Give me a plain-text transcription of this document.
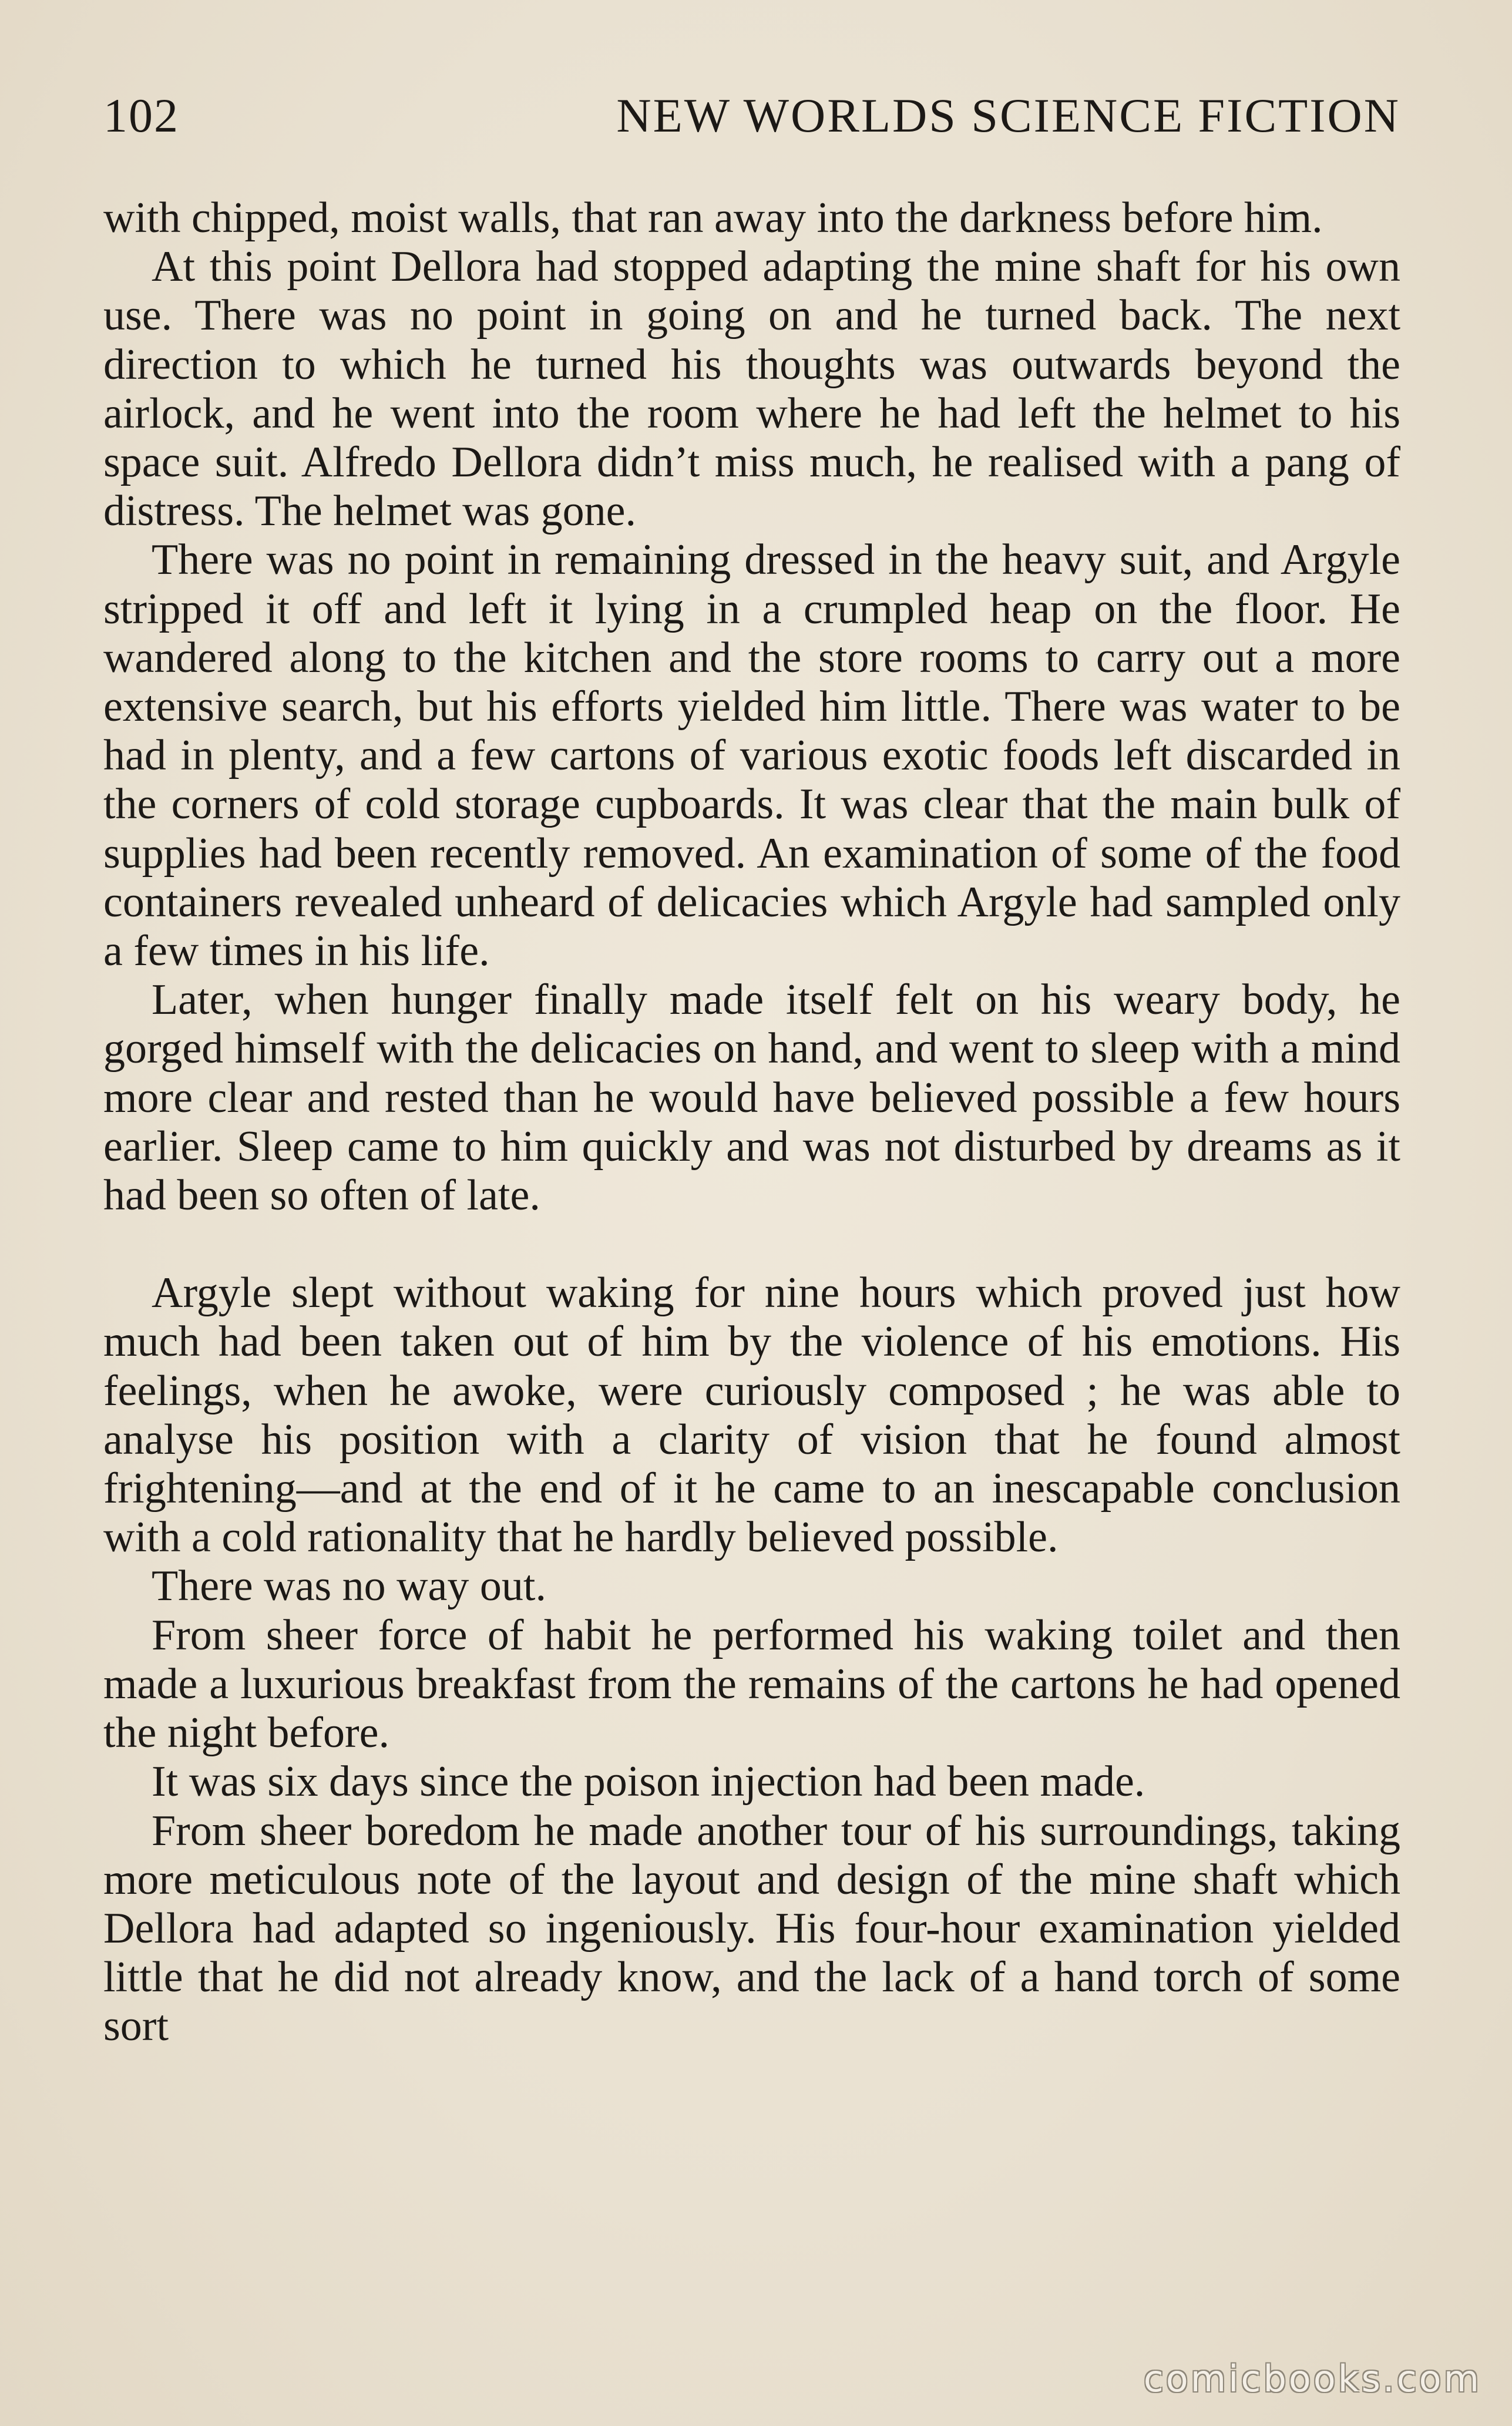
102	NEW WORLDS SCIENCE FICTION

with chipped, moist walls, that ran away into the darkness before him.

At this point Dellora had stopped adapting the mine shaft for his own use. There was no point in going on and he turned back. The next direction to which he turned his thoughts was outwards beyond the airlock, and he went into the room where he had left the helmet to his space suit. Alfredo Dellora didn’t miss much, he realised with a pang of distress. The helmet was gone.

There was no point in remaining dressed in the heavy suit, and Argyle stripped it off and left it lying in a crumpled heap on the floor. He wandered along to the kitchen and the store rooms to carry out a more extensive search, but his efforts yielded him little. There was water to be had in plenty, and a few cartons of various exotic foods left discarded in the corners of cold storage cupboards. It was clear that the main bulk of supplies had been recently removed. An examination of some of the food containers revealed unheard of delicacies which Argyle had sampled only a few times in his life.

Later, when hunger finally made itself felt on his weary body, he gorged himself with the delicacies on hand, and went to sleep with a mind more clear and rested than he would have believed possible a few hours earlier. Sleep came to him quickly and was not disturbed by dreams as it had been so often of late.

Argyle slept without waking for nine hours which proved just how much had been taken out of him by the violence of his emotions. His feelings, when he awoke, were curiously composed ; he was able to analyse his position with a clarity of vision that he found almost frightening—and at the end of it he came to an inescapable conclusion with a cold rationality that he hardly believed possible.

There was no way out.

From sheer force of habit he performed his waking toilet and then made a luxurious breakfast from the remains of the cartons he had opened the night before.

It was six days since the poison injection had been made.

From sheer boredom he made another tour of his surroundings, taking more meticulous note of the layout and design of the mine shaft which Dellora had adapted so ingeniously. His four-hour examination yielded little that he did not already know, and the lack of a hand torch of some sort

comicbooks.com
